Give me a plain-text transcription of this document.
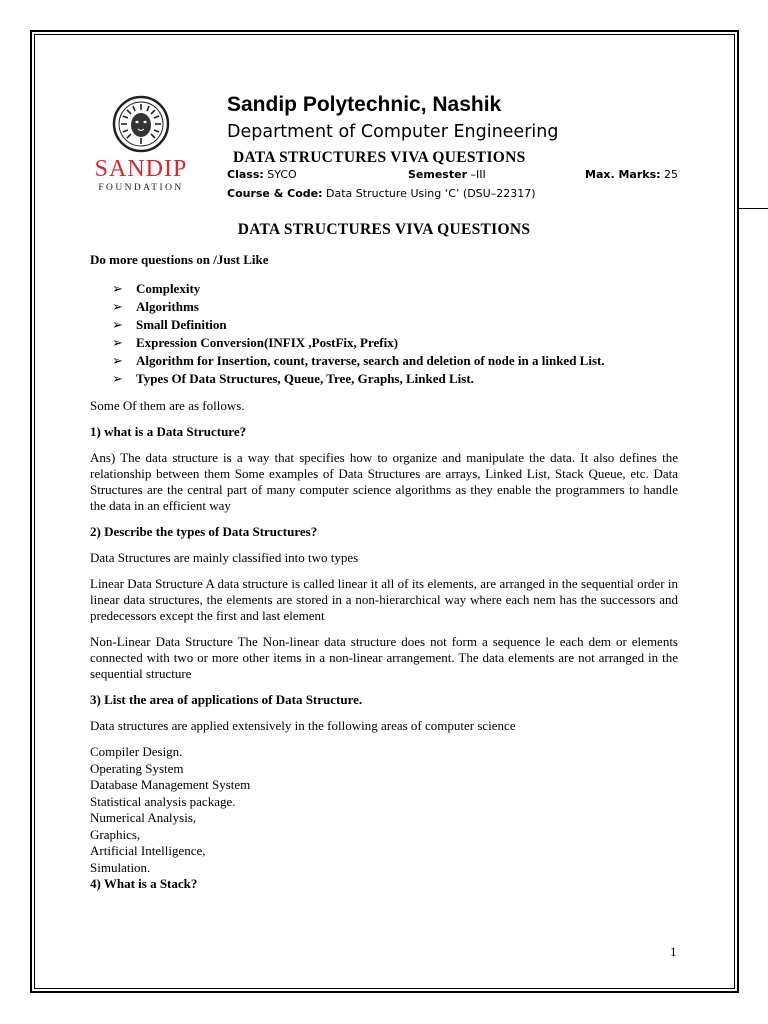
SANDIP
FOUNDATION
Sandip Polytechnic, Nashik
Department of Computer Engineering
DATA STRUCTURES VIVA QUESTIONS
Class: SYCO	Semester –III	Max. Marks: 25
Course & Code: Data Structure Using ‘C’ (DSU–22317)
DATA STRUCTURES VIVA QUESTIONS
Do more questions on /Just Like
➢ Complexity
➢ Algorithms
➢ Small Definition
➢ Expression Conversion(INFIX ,PostFix, Prefix)
➢ Algorithm for Insertion, count, traverse, search and deletion of node in a linked List.
➢ Types Of Data Structures, Queue, Tree, Graphs, Linked List.

Some Of them are as follows.

1) what is a Data Structure?

Ans) The data structure is a way that specifies how to organize and manipulate the data. It also defines the relationship between them Some examples of Data Structures are arrays, Linked List, Stack Queue, etc. Data Structures are the central part of many computer science algorithms as they enable the programmers to handle the data in an efficient way

2) Describe the types of Data Structures?

Data Structures are mainly classified into two types

Linear Data Structure A data structure is called linear it all of its elements, are arranged in the sequential order in linear data structures, the elements are stored in a non-hierarchical way where each nem has the successors and predecessors except the first and last element

Non-Linear Data Structure The Non-linear data structure does not form a sequence le each dem or elements connected with two or more other items in a non-linear arrangement. The data elements are not arranged in the sequential structure

3) List the area of applications of Data Structure.

Data structures are applied extensively in the following areas of computer science

Compiler Design.
Operating System
Database Management System
Statistical analysis package.
Numerical Analysis,
Graphics,
Artificial Intelligence,
Simulation.

4) What is a Stack?

1
